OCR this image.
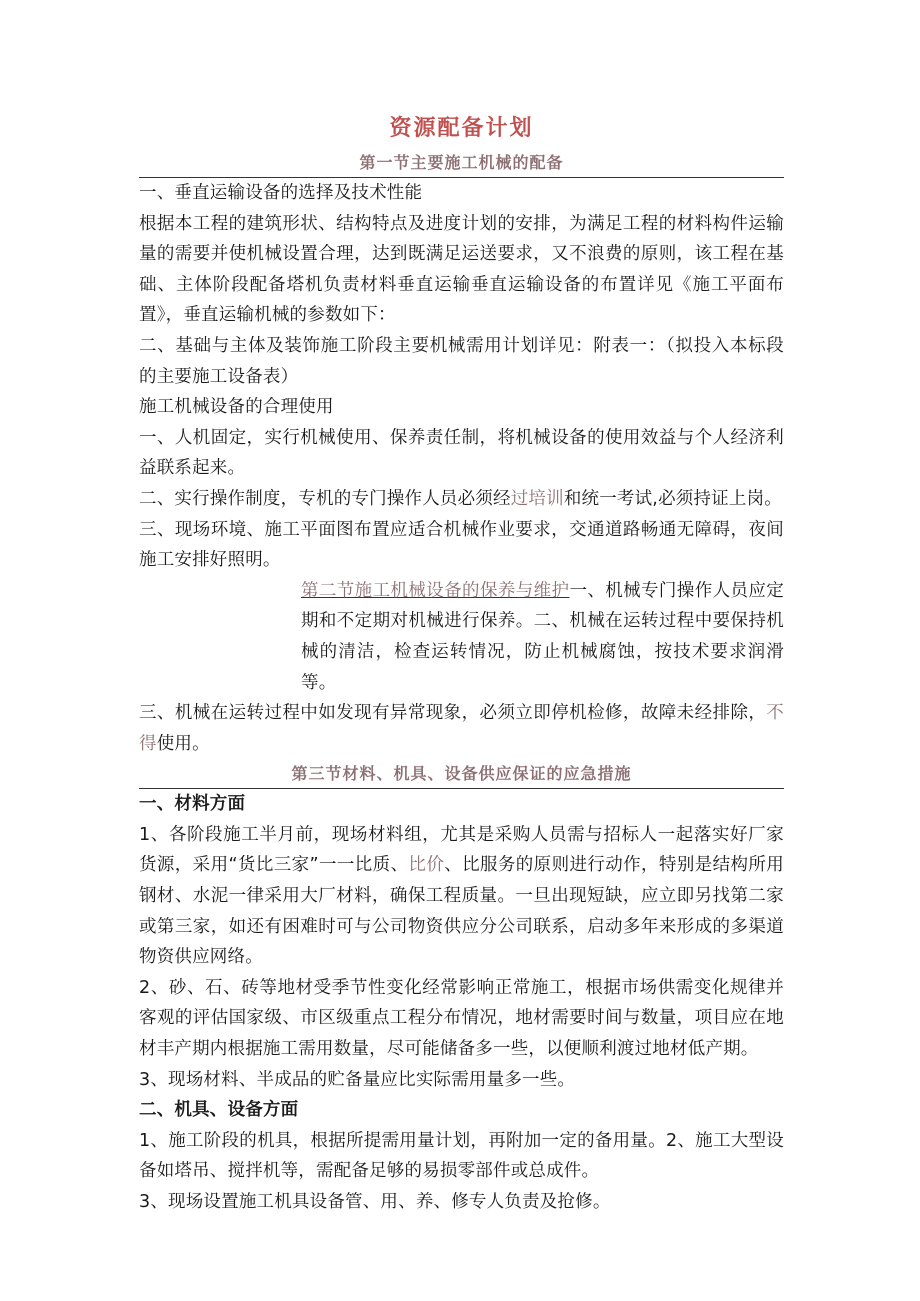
资源配备计划
第一节主要施工机械的配备

一、垂直运输设备的选择及技术性能

根据本工程的建筑形状、结构特点及进度计划的安排，为满足工程的材料构件运输量的需要并使机械设置合理，达到既满足运送要求，又不浪费的原则，该工程在基础、主体阶段配备塔机负责材料垂直运输垂直运输设备的布置详见《施工平面布置》，垂直运输机械的参数如下：

二、基础与主体及装饰施工阶段主要机械需用计划详见：附表一：（拟投入本标段的主要施工设备表）

施工机械设备的合理使用

一、人机固定，实行机械使用、保养责任制，将机械设备的使用效益与个人经济利益联系起来。

二、实行操作制度，专机的专门操作人员必须经过培训和统一考试,必须持证上岗。

三、现场环境、施工平面图布置应适合机械作业要求，交通道路畅通无障碍，夜间施工安排好照明。

第二节施工机械设备的保养与维护一、机械专门操作人员应定期和不定期对机械进行保养。二、机械在运转过程中要保持机械的清洁，检查运转情况，防止机械腐蚀，按技术要求润滑等。

三、机械在运转过程中如发现有异常现象，必须立即停机检修，故障未经排除，不得使用。

第三节材料、机具、设备供应保证的应急措施

一、材料方面

1、各阶段施工半月前，现场材料组，尤其是采购人员需与招标人一起落实好厂家货源，采用“货比三家”一一比质、比价、比服务的原则进行动作，特别是结构所用钢材、水泥一律采用大厂材料，确保工程质量。一旦出现短缺，应立即另找第二家或第三家，如还有困难时可与公司物资供应分公司联系，启动多年来形成的多渠道物资供应网络。

2、砂、石、砖等地材受季节性变化经常影响正常施工，根据市场供需变化规律并客观的评估国家级、市区级重点工程分布情况，地材需要时间与数量，项目应在地材丰产期内根据施工需用数量，尽可能储备多一些，以便顺利渡过地材低产期。

3、现场材料、半成品的贮备量应比实际需用量多一些。

二、机具、设备方面

1、施工阶段的机具，根据所提需用量计划，再附加一定的备用量。2、施工大型设备如塔吊、搅拌机等，需配备足够的易损零部件或总成件。

3、现场设置施工机具设备管、用、养、修专人负责及抢修。
